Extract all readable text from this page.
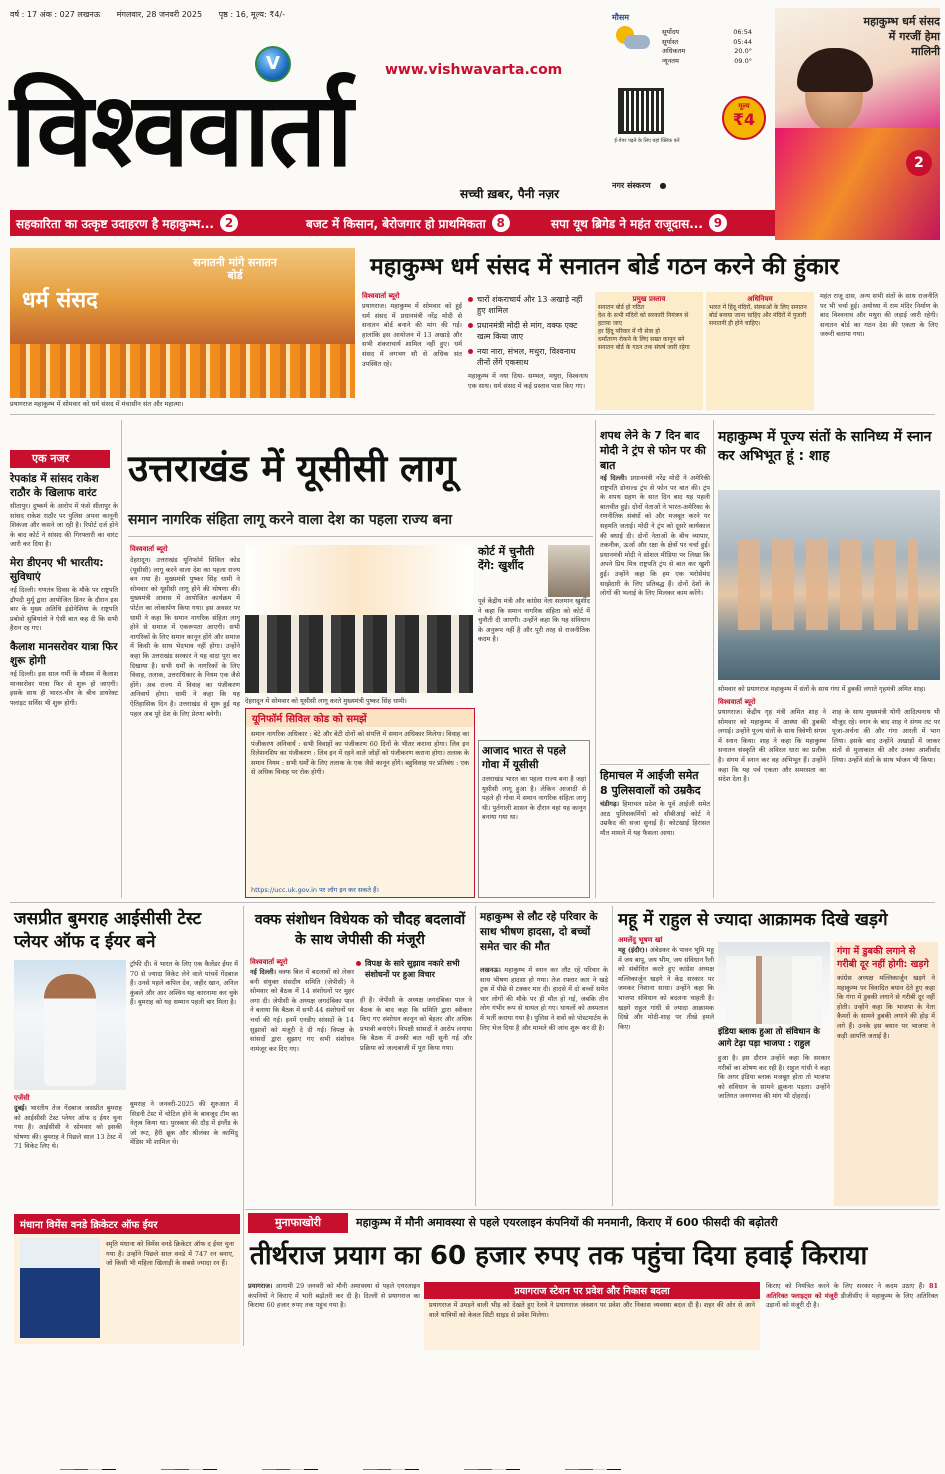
वर्ष : 17 अंक : 027 लखनऊ मंगलवार, 28 जनवरी 2025 पृष्ठ : 16, मूल्य: ₹4/-
V	www.vishwavarta.com
विश्ववार्ता
सच्ची ख़बर, पैनी नज़र
मौसम
सूर्योदय	06:54
सूर्यास्त	05:44
अधिकतम	20.0°
न्यूनतम	09.0°
ई-पेपर पढ़ने के लिए यहां क्लिक करें
मूल्य
₹4
नगर संस्करण ●
महाकुम्भ धर्म संसद में गरजीं हेमा मालिनी
2
सहकारिता का उत्कृष्ट उदाहरण है महाकुम्भ... 2	बजट में किसान, बेरोजगार हो प्राथमिकता 8	सपा यूथ ब्रिगेड ने महंत राजूदास... 9
सनातनी मांगे सनातन बोर्ड
धर्म संसद
प्रयागराज महाकुम्भ में सोमवार को धर्म संसद में मंचासीन संत और महात्मा।
महाकुम्भ धर्म संसद में सनातन बोर्ड गठन करने की हुंकार
विश्ववार्ता ब्यूरो
प्रयागराज। महाकुम्भ में सोमवार को हुई धर्म संसद में प्रधानमंत्री नरेंद्र मोदी से सनातन बोर्ड बनाने की मांग की गई। हालांकि इस आयोजन में 13 अखाड़े और सभी शंकराचार्य शामिल नहीं हुए। धर्म संसद में लगभग सौ से अधिक संत उपस्थित रहे।
चारों शंकराचार्य और 13 अखाड़े नहीं हुए शामिल
प्रधानमंत्री मोदी से मांग, वक्फ एक्ट खत्म किया जाए
नया नारा, संभल, मथुरा, विश्वनाथ तीनों लेंगे एकसाथ
महाकुम्भ में नया दिया- सम्भल, मथुरा, विश्वनाथ एक साथ। धर्म संसद में कई प्रस्ताव पास किए गए।
प्रमुख प्रस्ताव
सनातन बोर्ड हो गठित
देश के सभी मंदिरों को सरकारी नियंत्रण से हटाया जाए
हर हिंदू परिवार में गौ सेवा हो
धर्मांतरण रोकने के लिए सख्त कानून बने
सनातन बोर्ड के गठन तक संघर्ष जारी रहेगा
अधिनियम
भारत में हिंदू मंदिरों, संस्थाओं के लिए सनातन बोर्ड बनाया जाना चाहिए और मंदिरों में पुजारी सनातनी ही होने चाहिए।
महंत राजू दास, अन्य सभी संतों के साथ राजनीति पर भी चर्चा हुई। अयोध्या में राम मंदिर निर्माण के बाद विश्वनाथ और मथुरा की लड़ाई जारी रहेगी। सनातन बोर्ड का गठन देश की एकता के लिए जरूरी बताया गया।
एक नजर
रेपकांड में सांसद राकेश राठौर के खिलाफ वारंट
सीतापुर। दुष्कर्म के आरोप में फंसे सीतापुर के सांसद राकेश राठौर पर पुलिस अपना कानूनी शिकंजा और कसने जा रही है। रिपोर्ट दर्ज होने के बाद कोर्ट ने सांसद की गिरफ्तारी का वारंट जारी कर दिया है।
मेरा डीएनए भी भारतीय: सुविधाएं
नई दिल्ली। गणतंत्र दिवस के मौके पर राष्ट्रपति द्रौपदी मुर्मू द्वारा आयोजित डिनर के दौरान इस बार के मुख्य अतिथि इंडोनेशिया के राष्ट्रपति प्रबोवो सुबियांतो ने ऐसी बात कह दी कि सभी हैरान रह गए।
कैलाश मानसरोवर यात्रा फिर शुरू होगी
नई दिल्ली। इस साल गर्मी के मौसम में कैलाश मानसरोवर यात्रा फिर से शुरू हो जाएगी। इसके साथ ही भारत-चीन के बीच डायरेक्ट फ्लाइट सर्विस भी शुरू होगी।
उत्तराखंड में यूसीसी लागू
समान नागरिक संहिता लागू करने वाला देश का पहला राज्य बना
विश्ववार्ता ब्यूरो
देहरादून। उत्तराखंड यूनिफॉर्म सिविल कोड (यूसीसी) लागू करने वाला देश का पहला राज्य बन गया है। मुख्यमंत्री पुष्कर सिंह धामी ने सोमवार को यूसीसी लागू होने की घोषणा की। मुख्यमंत्री आवास में आयोजित कार्यक्रम में पोर्टल का लोकार्पण किया गया। इस अवसर पर धामी ने कहा कि समान नागरिक संहिता लागू होने से समाज में एकरूपता आएगी। सभी नागरिकों के लिए समान कानून होंगे और समाज में किसी के साथ भेदभाव नहीं होगा। उन्होंने कहा कि उत्तराखंड सरकार ने यह वादा पूरा कर दिखाया है। सभी धर्मों के नागरिकों के लिए विवाह, तलाक, उत्तराधिकार के नियम एक जैसे होंगे। अब राज्य में विवाह का पंजीकरण अनिवार्य होगा। धामी ने कहा कि यह ऐतिहासिक दिन है। उत्तराखंड से शुरू हुई यह पहल अब पूरे देश के लिए प्रेरणा बनेगी।
देहरादून में सोमवार को यूसीसी लागू करते मुख्यमंत्री पुष्कर सिंह धामी।
कोर्ट में चुनौती देंगे: खुर्शीद
पूर्व केंद्रीय मंत्री और कांग्रेस नेता सलमान खुर्शीद ने कहा कि समान नागरिक संहिता को कोर्ट में चुनौती दी जाएगी। उन्होंने कहा कि यह संविधान के अनुरूप नहीं है और पूरी तरह से राजनीतिक कदम है।
यूनिफॉर्म सिविल कोड को समझें
समान नागरिक अधिकार : बेटे और बेटी दोनों को संपत्ति में समान अधिकार मिलेगा। विवाह का पंजीकरण अनिवार्य : सभी विवाहों का पंजीकरण 60 दिनों के भीतर कराना होगा। लिव इन रिलेशनशिप का पंजीकरण : लिव इन में रहने वाले जोड़ों को पंजीकरण कराना होगा। तलाक के समान नियम : सभी धर्मों के लिए तलाक के एक जैसे कानून होंगे। बहुविवाह पर प्रतिबंध : एक से अधिक विवाह पर रोक होगी।
https://ucc.uk.gov.in पर लॉग इन कर सकते हैं।
आजाद भारत से पहले गोवा में यूसीसी
उत्तराखंड भारत का पहला राज्य बना है जहां यूसीसी लागू हुआ है। लेकिन आजादी से पहले ही गोवा में समान नागरिक संहिता लागू थी। पुर्तगाली शासन के दौरान वहां यह कानून बनाया गया था।
शपथ लेने के 7 दिन बाद मोदी ने ट्रंप से फोन पर की बात
नई दिल्ली। प्रधानमंत्री नरेंद्र मोदी ने अमेरिकी राष्ट्रपति डोनाल्ड ट्रंप से फोन पर बात की। ट्रंप के शपथ ग्रहण के सात दिन बाद यह पहली बातचीत हुई। दोनों नेताओं ने भारत-अमेरिका के रणनीतिक संबंधों को और मजबूत करने पर सहमति जताई। मोदी ने ट्रंप को दूसरे कार्यकाल की बधाई दी। दोनों नेताओं के बीच व्यापार, तकनीक, ऊर्जा और रक्षा के क्षेत्रों पर चर्चा हुई। प्रधानमंत्री मोदी ने सोशल मीडिया पर लिखा कि अपने प्रिय मित्र राष्ट्रपति ट्रंप से बात कर खुशी हुई। उन्होंने कहा कि हम एक भरोसेमंद साझेदारी के लिए प्रतिबद्ध हैं। दोनों देशों के लोगों की भलाई के लिए मिलकर काम करेंगे।
हिमाचल में आईजी समेत 8 पुलिसवालों को उम्रकैद
चंडीगढ़। हिमाचल प्रदेश के पूर्व आईजी समेत आठ पुलिसकर्मियों को सीबीआई कोर्ट ने उम्रकैद की सजा सुनाई है। कोटखाई हिरासत मौत मामले में यह फैसला आया।
महाकुम्भ में पूज्य संतों के सानिध्य में स्नान कर अभिभूत हूं : शाह
सोमवार को प्रयागराज महाकुम्भ में संतों के साथ गंगा में डुबकी लगाते गृहमंत्री अमित शाह।
विश्ववार्ता ब्यूरो
प्रयागराज। केंद्रीय गृह मंत्री अमित शाह ने सोमवार को महाकुम्भ में आस्था की डुबकी लगाई। उन्होंने पूज्य संतों के साथ त्रिवेणी संगम में स्नान किया। शाह ने कहा कि महाकुम्भ सनातन संस्कृति की अविरल धारा का प्रतीक है। संगम में स्नान कर वह अभिभूत हैं। उन्होंने कहा कि यह पर्व एकता और समरसता का संदेश देता है।
शाह के साथ मुख्यमंत्री योगी आदित्यनाथ भी मौजूद रहे। स्नान के बाद शाह ने संगम तट पर पूजा-अर्चना की और गंगा आरती में भाग लिया। इसके बाद उन्होंने अखाड़ों में जाकर संतों से मुलाकात की और उनका आशीर्वाद लिया। उन्होंने संतों के साथ भोजन भी किया।
जसप्रीत बुमराह आईसीसी टेस्ट प्लेयर ऑफ द ईयर बने
ट्रॉफी दी। वे भारत के लिए एक कैलेंडर ईयर में 70 से ज्यादा विकेट लेने वाले पांचवें गेंदबाज हैं। उनसे पहले कपिल देव, जहीर खान, अनिल कुंबले और आर अश्विन यह कारनामा कर चुके हैं। बुमराह को यह सम्मान पहली बार मिला है।
एजेंसी
दुबई। भारतीय तेज गेंदबाज जसप्रीत बुमराह को आईसीसी टेस्ट प्लेयर ऑफ द ईयर चुना गया है। आईसीसी ने सोमवार को इसकी घोषणा की। बुमराह ने पिछले साल 13 टेस्ट में 71 विकेट लिए थे।
बुमराह ने जनवरी-2025 की शुरुआत में सिडनी टेस्ट में चोटिल होने के बावजूद टीम का नेतृत्व किया था। पुरस्कार की दौड़ में इंग्लैंड के जो रूट, हैरी ब्रूक और श्रीलंका के कामिंदु मेंडिस भी शामिल थे।
मंधाना विमेंस वनडे क्रिकेटर ऑफ ईयर
स्मृति मंधाना को विमेंस वनडे क्रिकेटर ऑफ द ईयर चुना गया है। उन्होंने पिछले साल वनडे में 747 रन बनाए, जो किसी भी महिला खिलाड़ी के सबसे ज्यादा रन हैं।
वक्फ संशोधन विधेयक को चौदह बदलावों के साथ जेपीसी की मंजूरी
विश्ववार्ता ब्यूरो	विपक्ष के सारे सुझाव नकारे सभी संशोधनों पर हुआ विचार
नई दिल्ली। वक्फ बिल में बदलावों को लेकर बनी संयुक्त संसदीय समिति (जेपीसी) ने सोमवार को बैठक में 14 संशोधनों पर मुहर लगा दी। जेपीसी के अध्यक्ष जगदंबिका पाल ने बताया कि बैठक में सभी 44 संशोधनों पर चर्चा की गई। इनमें एनडीए सांसदों के 14 सुझावों को मंजूरी दे दी गई। विपक्ष के सांसदों द्वारा सुझाए गए सभी संशोधन नामंजूर कर दिए गए।
ही है। जेपीसी के अध्यक्ष जगदंबिका पाल ने बैठक के बाद कहा कि समिति द्वारा स्वीकार किए गए संशोधन कानून को बेहतर और अधिक प्रभावी बनाएंगे। विपक्षी सांसदों ने आरोप लगाया कि बैठक में उनकी बात नहीं सुनी गई और प्रक्रिया को जल्दबाजी में पूरा किया गया।
महाकुम्भ से लौट रहे परिवार के साथ भीषण हादसा, दो बच्चों समेत चार की मौत
लखनऊ। महाकुम्भ में स्नान कर लौट रहे परिवार के साथ भीषण हादसा हो गया। तेज रफ्तार कार ने खड़े ट्रक में पीछे से टक्कर मार दी। हादसे में दो बच्चों समेत चार लोगों की मौके पर ही मौत हो गई, जबकि तीन लोग गंभीर रूप से घायल हो गए। घायलों को अस्पताल में भर्ती कराया गया है। पुलिस ने शवों को पोस्टमार्टम के लिए भेज दिया है और मामले की जांच शुरू कर दी है।
महू में राहुल से ज्यादा आक्रामक दिखे खड़गे
अमलेंदु भूषण खां
महू (इंदौर)। अंबेडकर के पावन भूमि महू में जय बापू, जय भीम, जय संविधान रैली को संबोधित करते हुए कांग्रेस अध्यक्ष मल्लिकार्जुन खड़गे ने केंद्र सरकार पर जमकर निशाना साधा। उन्होंने कहा कि भाजपा संविधान को बदलना चाहती है। खड़गे राहुल गांधी से ज्यादा आक्रामक दिखे और मोदी-शाह पर तीखे हमले किए।
इंडिया ब्लाक हुआ तो संविधान के आगे टेढ़ा पड़ा भाजपा : राहुल
हुआ है। इस दौरान उन्होंने कहा कि सरकार गरीबों का शोषण कर रही है। राहुल गांधी ने कहा कि अगर इंडिया ब्लाक मजबूत होता तो भाजपा को संविधान के सामने झुकना पड़ता। उन्होंने जातिगत जनगणना की मांग भी दोहराई।
गंगा में डुबकी लगाने से गरीबी दूर नहीं होगी: खड़गे
कांग्रेस अध्यक्ष मल्लिकार्जुन खड़गे ने महाकुम्भ पर विवादित बयान देते हुए कहा कि गंगा में डुबकी लगाने से गरीबी दूर नहीं होती। उन्होंने कहा कि भाजपा के नेता कैमरों के सामने डुबकी लगाने की होड़ में लगे हैं। उनके इस बयान पर भाजपा ने कड़ी आपत्ति जताई है।
मुनाफाखोरी	महाकुम्भ में मौनी अमावस्या से पहले एयरलाइन कंपनियों की मनमानी, किराए में 600 फीसदी की बढ़ोतरी
तीर्थराज प्रयाग का 60 हजार रुपए तक पहुंचा दिया हवाई किराया
प्रयागराज। आगामी 29 जनवरी को मौनी अमावस्या से पहले एयरलाइन कंपनियों ने किराए में भारी बढ़ोतरी कर दी है। दिल्ली से प्रयागराज का किराया 60 हजार रुपए तक पहुंच गया है।
प्रयागराज स्टेशन पर प्रवेश और निकास बदला
प्रयागराज में उमड़ने वाली भीड़ को देखते हुए रेलवे ने प्रयागराज जंक्शन पर प्रवेश और निकास व्यवस्था बदल दी है। शहर की ओर से आने वाले यात्रियों को केवल सिटी साइड से प्रवेश मिलेगा।
किराए को नियंत्रित करने के लिए सरकार ने कदम उठाए हैं। 81 अतिरिक्त फ्लाइट्स को मंजूरी डीजीसीए ने महाकुम्भ के लिए अतिरिक्त उड़ानों को मंजूरी दी है।
